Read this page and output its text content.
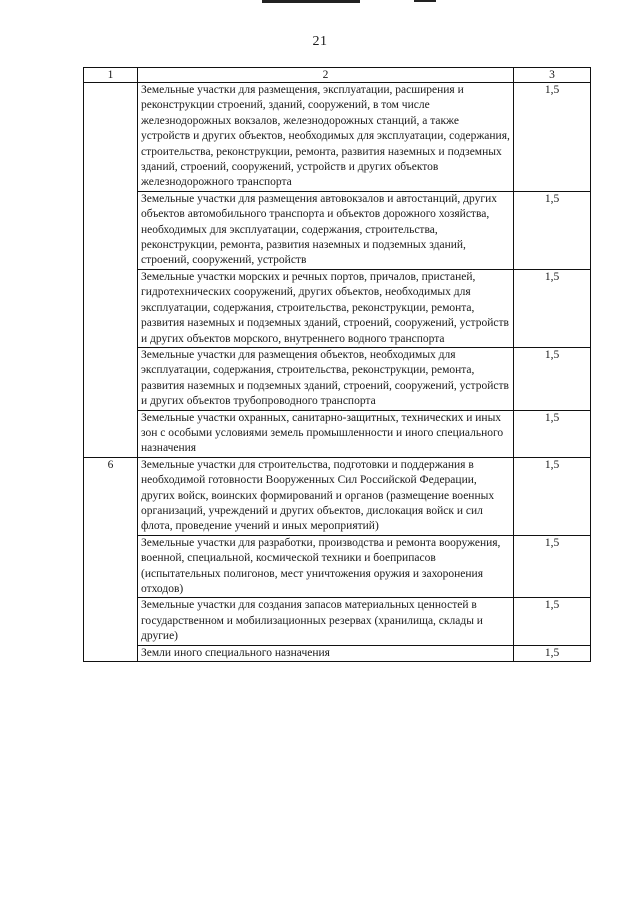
21
1	2	3
	Земельные участки для размещения, эксплуатации, расширения и реконструкции строений, зданий, сооружений, в том числе железнодорожных вокзалов, железнодорожных станций, а также устройств и других объектов, необходимых для эксплуатации, содержания, строительства, реконструкции, ремонта, развития наземных и подземных зданий, строений, сооружений, устройств и других объектов железнодорожного транспорта	1,5
	Земельные участки для размещения автовокзалов и автостанций, других объектов автомобильного транспорта и объектов дорожного хозяйства, необходимых для эксплуатации, содержания, строительства, реконструкции, ремонта, развития наземных и подземных зданий, строений, сооружений, устройств	1,5
	Земельные участки морских и речных портов, причалов, пристаней, гидротехнических сооружений, других объектов, необходимых для эксплуатации, содержания, строительства, реконструкции, ремонта, развития наземных и подземных зданий, строений, сооружений, устройств и других объектов морского, внутреннего водного транспорта	1,5
	Земельные участки для размещения объектов, необходимых для эксплуатации, содержания, строительства, реконструкции, ремонта, развития наземных и подземных зданий, строений, сооружений, устройств и других объектов трубопроводного транспорта	1,5
	Земельные участки охранных, санитарно-защитных, технических и иных зон с особыми условиями земель промышленности и иного специального назначения	1,5
6	Земельные участки для строительства, подготовки и поддержания в необходимой готовности Вооруженных Сил Российской Федерации, других войск, воинских формирований и органов (размещение военных организаций, учреждений и других объектов, дислокация войск и сил флота, проведение учений и иных мероприятий)	1,5
	Земельные участки для разработки, производства и ремонта вооружения, военной, специальной, космической техники и боеприпасов (испытательных полигонов, мест уничтожения оружия и захоронения отходов)	1,5
	Земельные участки для создания запасов материальных ценностей в государственном и мобилизационных резервах (хранилища, склады и другие)	1,5
	Земли иного специального назначения	1,5
